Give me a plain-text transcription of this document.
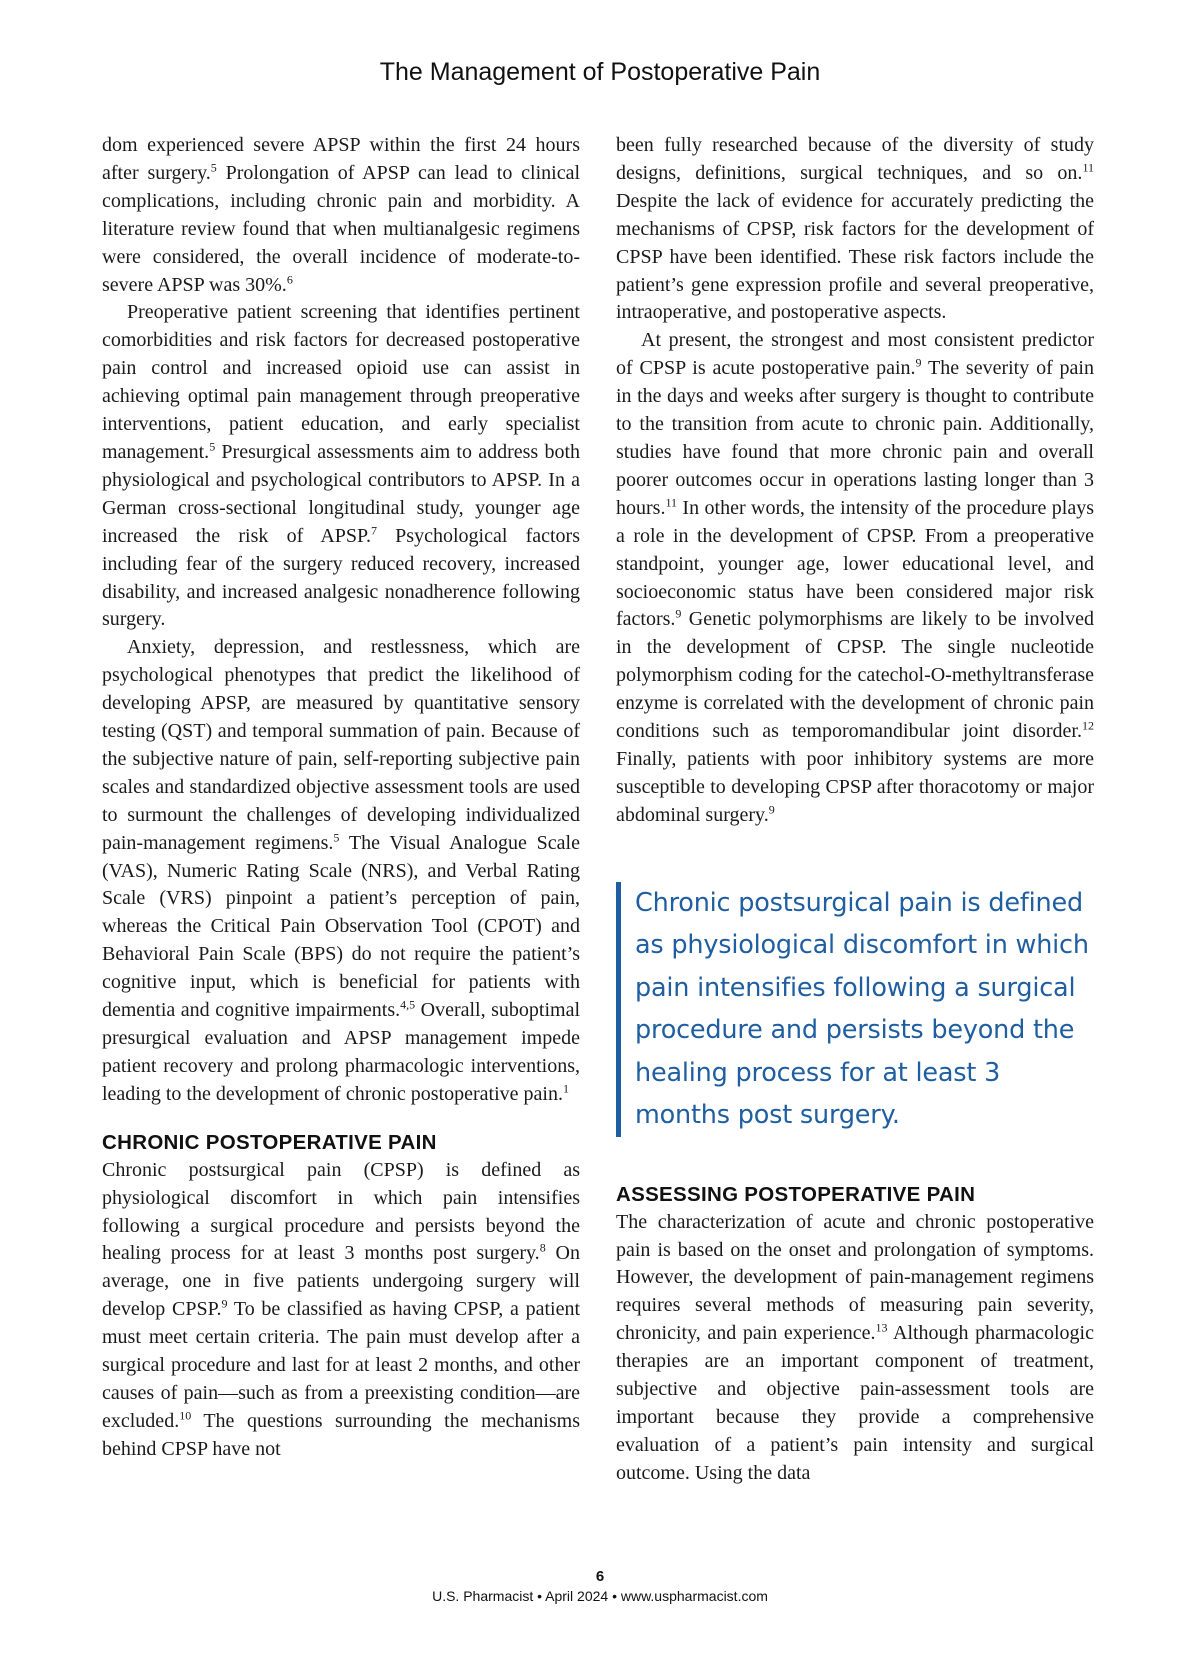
The Management of Postoperative Pain

dom experienced severe APSP within the first 24 hours after surgery.$^5$ Prolongation of APSP can lead to clinical complications, including chronic pain and morbidity. A literature review found that when multianalgesic regimens were considered, the overall incidence of moderate-to-severe APSP was 30%.$^6$

Preoperative patient screening that identifies pertinent comorbidities and risk factors for decreased postoperative pain control and increased opioid use can assist in achieving optimal pain management through preoperative interventions, patient education, and early specialist management.$^5$ Presurgical assessments aim to address both physiological and psychological contributors to APSP. In a German cross-sectional longitudinal study, younger age increased the risk of APSP.$^7$ Psychological factors including fear of the surgery reduced recovery, increased disability, and increased analgesic nonadherence following surgery.

Anxiety, depression, and restlessness, which are psychological phenotypes that predict the likelihood of developing APSP, are measured by quantitative sensory testing (QST) and temporal summation of pain. Because of the subjective nature of pain, self-reporting subjective pain scales and standardized objective assessment tools are used to surmount the challenges of developing individualized pain-management regimens.$^5$ The Visual Analogue Scale (VAS), Numeric Rating Scale (NRS), and Verbal Rating Scale (VRS) pinpoint a patient’s perception of pain, whereas the Critical Pain Observation Tool (CPOT) and Behavioral Pain Scale (BPS) do not require the patient’s cognitive input, which is beneficial for patients with dementia and cognitive impairments.$^{4,5}$ Overall, suboptimal presurgical evaluation and APSP management impede patient recovery and prolong pharmacologic interventions, leading to the development of chronic postoperative pain.$^1$

CHRONIC POSTOPERATIVE PAIN

Chronic postsurgical pain (CPSP) is defined as physiological discomfort in which pain intensifies following a surgical procedure and persists beyond the healing process for at least 3 months post surgery.$^8$ On average, one in five patients undergoing surgery will develop CPSP.$^9$ To be classified as having CPSP, a patient must meet certain criteria. The pain must develop after a surgical procedure and last for at least 2 months, and other causes of pain—such as from a preexisting condition—are excluded.$^{10}$ The questions surrounding the mechanisms behind CPSP have not

been fully researched because of the diversity of study designs, definitions, surgical techniques, and so on.$^{11}$ Despite the lack of evidence for accurately predicting the mechanisms of CPSP, risk factors for the development of CPSP have been identified. These risk factors include the patient’s gene expression profile and several preoperative, intraoperative, and postoperative aspects.

At present, the strongest and most consistent predictor of CPSP is acute postoperative pain.$^9$ The severity of pain in the days and weeks after surgery is thought to contribute to the transition from acute to chronic pain. Additionally, studies have found that more chronic pain and overall poorer outcomes occur in operations lasting longer than 3 hours.$^{11}$ In other words, the intensity of the procedure plays a role in the development of CPSP. From a preoperative standpoint, younger age, lower educational level, and socioeconomic status have been considered major risk factors.$^9$ Genetic polymorphisms are likely to be involved in the development of CPSP. The single nucleotide polymorphism coding for the catechol-O-methyltransferase enzyme is correlated with the development of chronic pain conditions such as temporomandibular joint disorder.$^{12}$ Finally, patients with poor inhibitory systems are more susceptible to developing CPSP after thoracotomy or major abdominal surgery.$^9$

Chronic postsurgical pain is defined as physiological discomfort in which pain intensifies following a surgical procedure and persists beyond the healing process for at least 3 months post surgery.
ASSESSING POSTOPERATIVE PAIN

The characterization of acute and chronic postoperative pain is based on the onset and prolongation of symptoms. However, the development of pain-management regimens requires several methods of measuring pain severity, chronicity, and pain experience.$^{13}$ Although pharmacologic therapies are an important component of treatment, subjective and objective pain-assessment tools are important because they provide a comprehensive evaluation of a patient’s pain intensity and surgical outcome. Using the data

6
U.S. Pharmacist • April 2024 • www.uspharmacist.com
